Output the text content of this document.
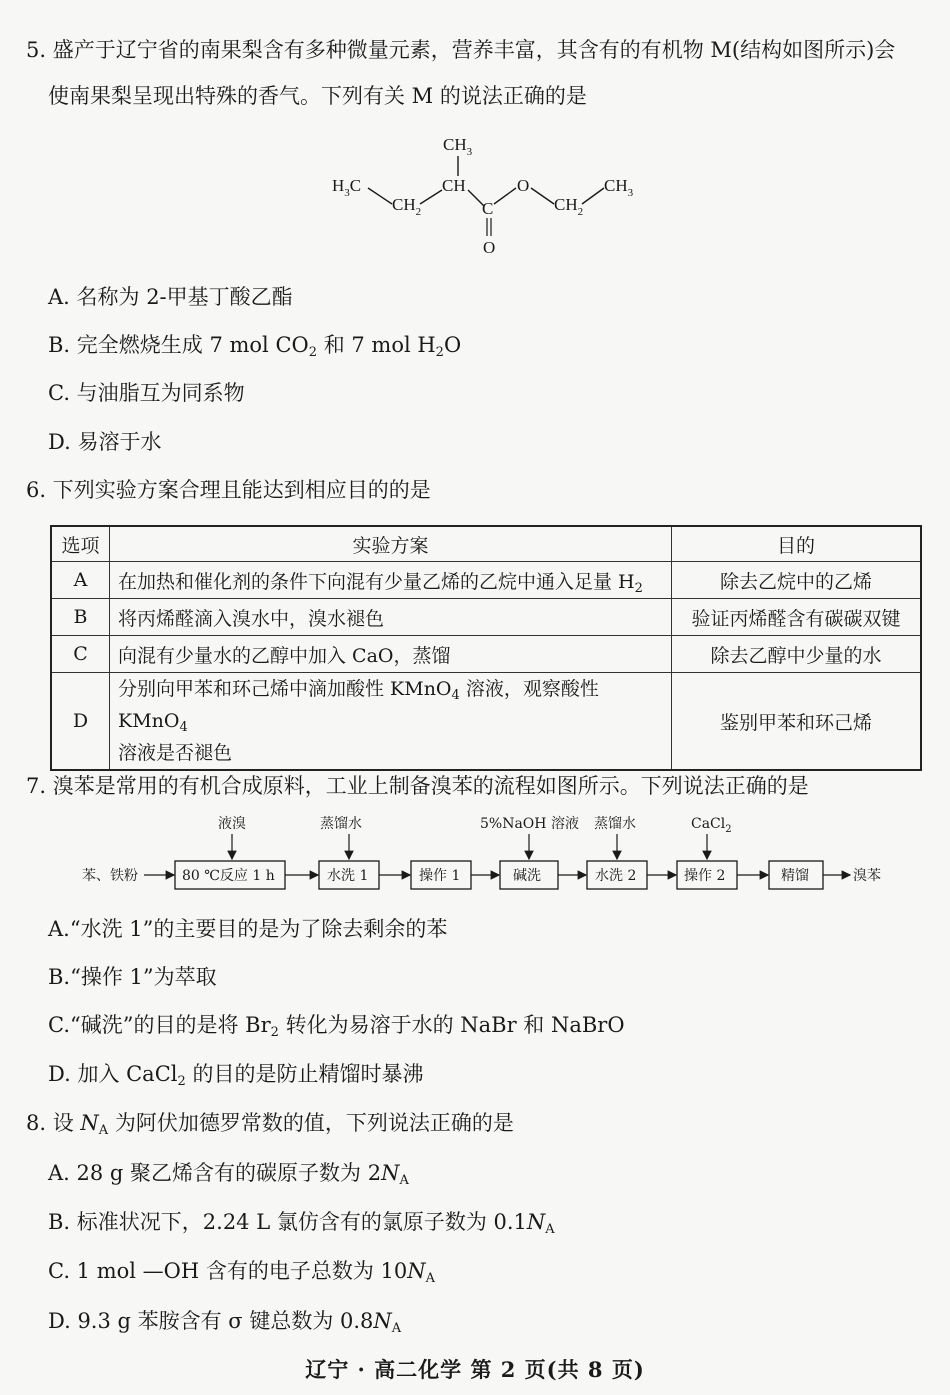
5. 盛产于辽宁省的南果梨含有多种微量元素，营养丰富，其含有的有机物 M(结构如图所示)会
使南果梨呈现出特殊的香气。下列有关 M 的说法正确的是
$CH_3$
$H_3C$
$CH_2$
CH
C
O
O
$CH_2$
$CH_3$
A. 名称为 2-甲基丁酸乙酯
B. 完全燃烧生成 7 mol $CO_2$ 和 7 mol $H_2O$
C. 与油脂互为同系物
D. 易溶于水
6. 下列实验方案合理且能达到相应目的的是
选项	实验方案	目的
A	在加热和催化剂的条件下向混有少量乙烯的乙烷中通入足量 $H_2$	除去乙烷中的乙烯
B	将丙烯醛滴入溴水中，溴水褪色	验证丙烯醛含有碳碳双键
C	向混有少量水的乙醇中加入 CaO，蒸馏	除去乙醇中少量的水
D	分别向甲苯和环己烯中滴加酸性 KMnO$_4$ 溶液，观察酸性 KMnO$_4$
溶液是否褪色	鉴别甲苯和环己烯
7. 溴苯是常用的有机合成原料，工业上制备溴苯的流程如图所示。下列说法正确的是
苯、铁粉	80 ℃反应 1 h	水洗 1	操作 1	碱洗	水洗 2	操作 2	精馏	溴苯
液溴	蒸馏水	5%NaOH 溶液 蒸馏水	CaCl$_2$
A.“水洗 1”的主要目的是为了除去剩余的苯
B.“操作 1”为萃取
C.“碱洗”的目的是将 $Br_2$ 转化为易溶于水的 NaBr 和 NaBrO
D. 加入 CaCl$_2$ 的目的是防止精馏时暴沸
8. 设 $N_A$ 为阿伏加德罗常数的值，下列说法正确的是
A. 28 g 聚乙烯含有的碳原子数为 $2N_A$
B. 标准状况下，2.24 L 氯仿含有的氯原子数为 $0.1N_A$
C. 1 mol —OH 含有的电子总数为 $10N_A$
D. 9.3 g 苯胺含有 σ 键总数为 $0.8N_A$
辽宁 · 高二化学 第 2 页(共 8 页)
